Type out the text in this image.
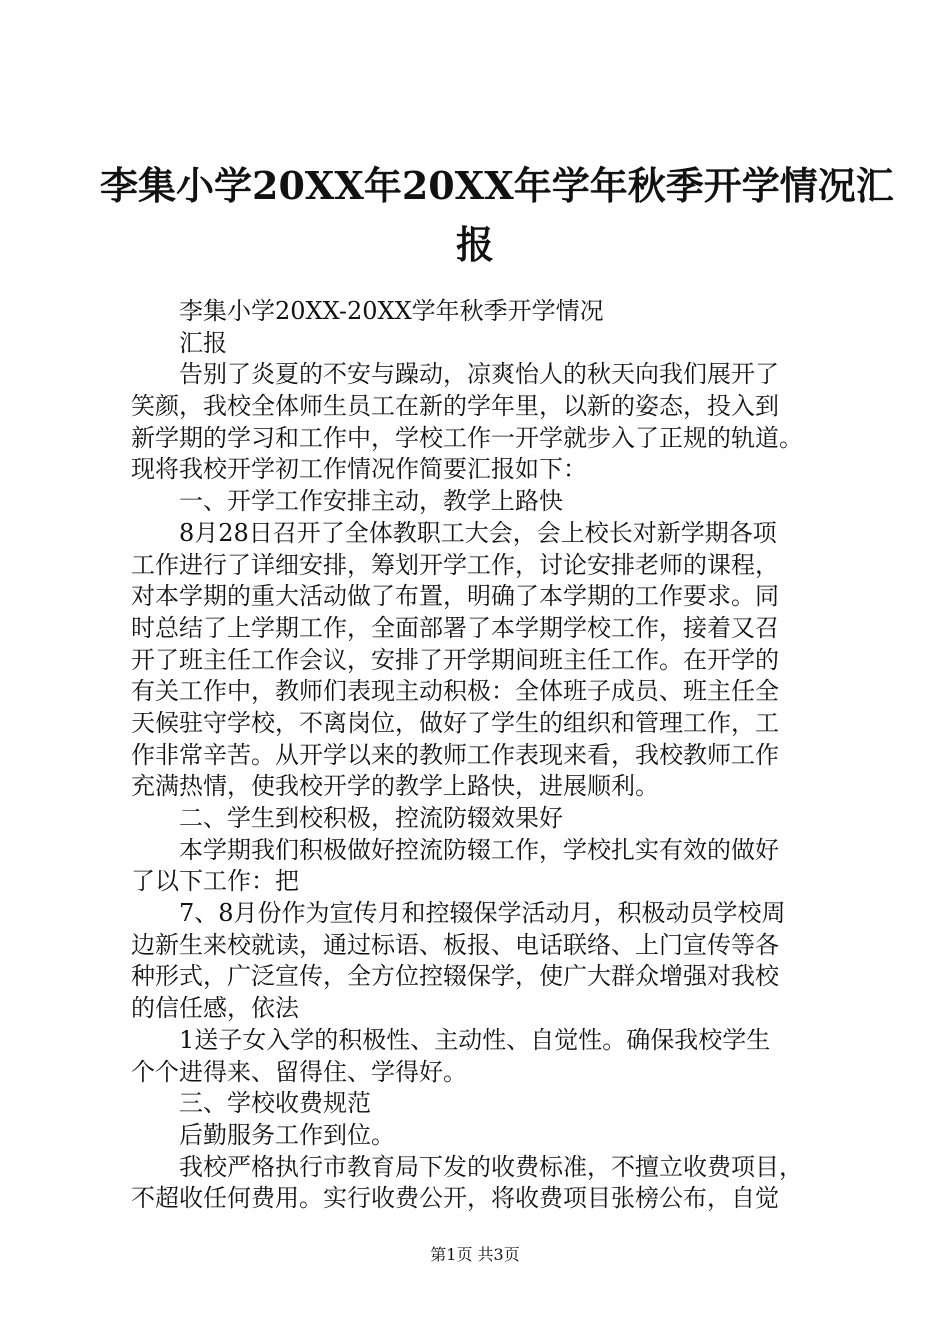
李集小学20XX年20XX年学年秋季开学情况汇
报
李集小学20XX-20XX学年秋季开学情况
汇报
告别了炎夏的不安与躁动，凉爽怡人的秋天向我们展开了
笑颜，我校全体师生员工在新的学年里，以新的姿态，投入到
新学期的学习和工作中，学校工作一开学就步入了正规的轨道。
现将我校开学初工作情况作简要汇报如下：
一、开学工作安排主动，教学上路快
8月28日召开了全体教职工大会，会上校长对新学期各项
工作进行了详细安排，筹划开学工作，讨论安排老师的课程，
对本学期的重大活动做了布置，明确了本学期的工作要求。同
时总结了上学期工作，全面部署了本学期学校工作，接着又召
开了班主任工作会议，安排了开学期间班主任工作。在开学的
有关工作中，教师们表现主动积极：全体班子成员、班主任全
天候驻守学校，不离岗位，做好了学生的组织和管理工作，工
作非常辛苦。从开学以来的教师工作表现来看，我校教师工作
充满热情，使我校开学的教学上路快，进展顺利。
二、学生到校积极，控流防辍效果好
本学期我们积极做好控流防辍工作，学校扎实有效的做好
了以下工作：把
7、8月份作为宣传月和控辍保学活动月，积极动员学校周
边新生来校就读，通过标语、板报、电话联络、上门宣传等各
种形式，广泛宣传，全方位控辍保学，使广大群众增强对我校
的信任感，依法
1送子女入学的积极性、主动性、自觉性。确保我校学生
个个进得来、留得住、学得好。
三、学校收费规范
后勤服务工作到位。
我校严格执行市教育局下发的收费标准，不擅立收费项目，
不超收任何费用。实行收费公开，将收费项目张榜公布，自觉
第1页 共3页
